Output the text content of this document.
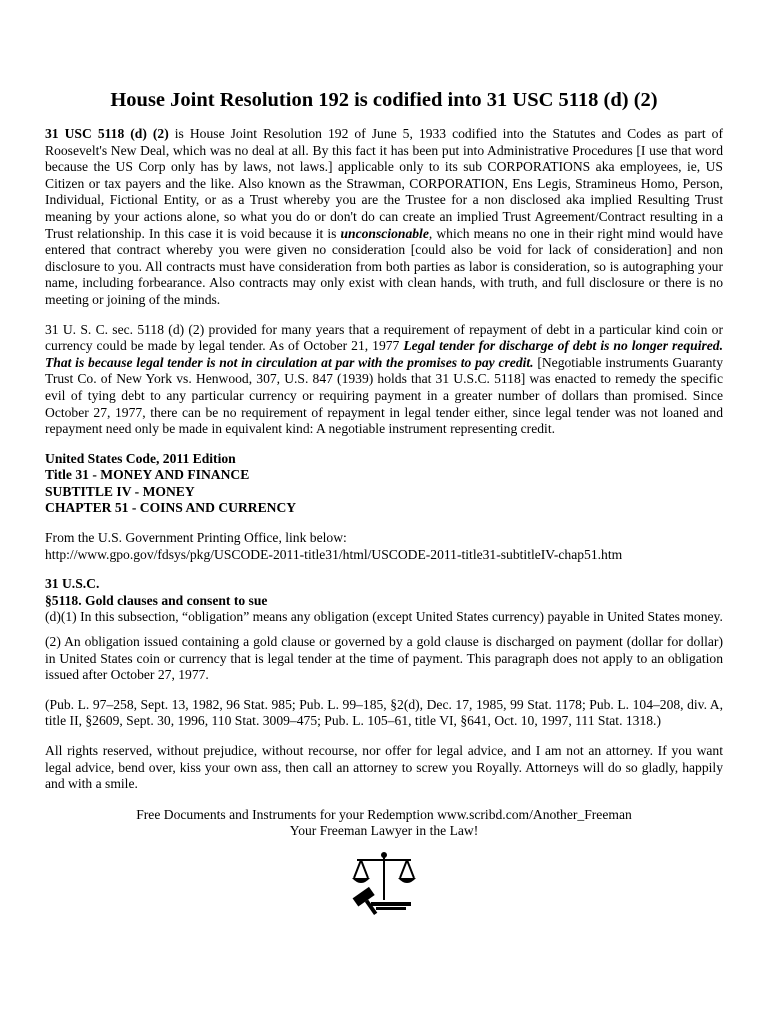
House Joint Resolution 192 is codified into 31 USC 5118 (d) (2)

31 USC 5118 (d) (2) is House Joint Resolution 192 of June 5, 1933 codified into the Statutes and Codes as part of Roosevelt's New Deal, which was no deal at all. By this fact it has been put into Administrative Procedures [I use that word because the US Corp only has by laws, not laws.] applicable only to its sub CORPORATIONS aka employees, ie, US Citizen or tax payers and the like. Also known as the Strawman, CORPORATION, Ens Legis, Stramineus Homo, Person, Individual, Fictional Entity, or as a Trust whereby you are the Trustee for a non disclosed aka implied Resulting Trust meaning by your actions alone, so what you do or don't do can create an implied Trust Agreement/Contract resulting in a Trust relationship. In this case it is void because it is unconscionable, which means no one in their right mind would have entered that contract whereby you were given no consideration [could also be void for lack of consideration] and non disclosure to you. All contracts must have consideration from both parties as labor is consideration, so is autographing your name, including forbearance. Also contracts may only exist with clean hands, with truth, and full disclosure or there is no meeting or joining of the minds.

31 U. S. C. sec. 5118 (d) (2) provided for many years that a requirement of repayment of debt in a particular kind coin or currency could be made by legal tender. As of October 21, 1977 Legal tender for discharge of debt is no longer required. That is because legal tender is not in circulation at par with the promises to pay credit. [Negotiable instruments Guaranty Trust Co. of New York vs. Henwood, 307, U.S. 847 (1939) holds that 31 U.S.C. 5118] was enacted to remedy the specific evil of tying debt to any particular currency or requiring payment in a greater number of dollars than promised. Since October 27, 1977, there can be no requirement of repayment in legal tender either, since legal tender was not loaned and repayment need only be made in equivalent kind: A negotiable instrument representing credit.

United States Code, 2011 Edition
Title 31 - MONEY AND FINANCE
SUBTITLE IV - MONEY
CHAPTER 51 - COINS AND CURRENCY
From the U.S. Government Printing Office, link below:
http://www.gpo.gov/fdsys/pkg/USCODE-2011-title31/html/USCODE-2011-title31-subtitleIV-chap51.htm
31 U.S.C.
§5118. Gold clauses and consent to sue
(d)(1) In this subsection, “obligation” means any obligation (except United States currency) payable in United States money.

(2) An obligation issued containing a gold clause or governed by a gold clause is discharged on payment (dollar for dollar) in United States coin or currency that is legal tender at the time of payment. This paragraph does not apply to an obligation issued after October 27, 1977.

(Pub. L. 97–258, Sept. 13, 1982, 96 Stat. 985; Pub. L. 99–185, §2(d), Dec. 17, 1985, 99 Stat. 1178; Pub. L. 104–208, div. A, title II, §2609, Sept. 30, 1996, 110 Stat. 3009–475; Pub. L. 105–61, title VI, §641, Oct. 10, 1997, 111 Stat. 1318.)

All rights reserved, without prejudice, without recourse, nor offer for legal advice, and I am not an attorney. If you want legal advice, bend over, kiss your own ass, then call an attorney to screw you Royally. Attorneys will do so gladly, happily and with a smile.

Free Documents and Instruments for your Redemption www.scribd.com/Another_Freeman
Your Freeman Lawyer in the Law!
